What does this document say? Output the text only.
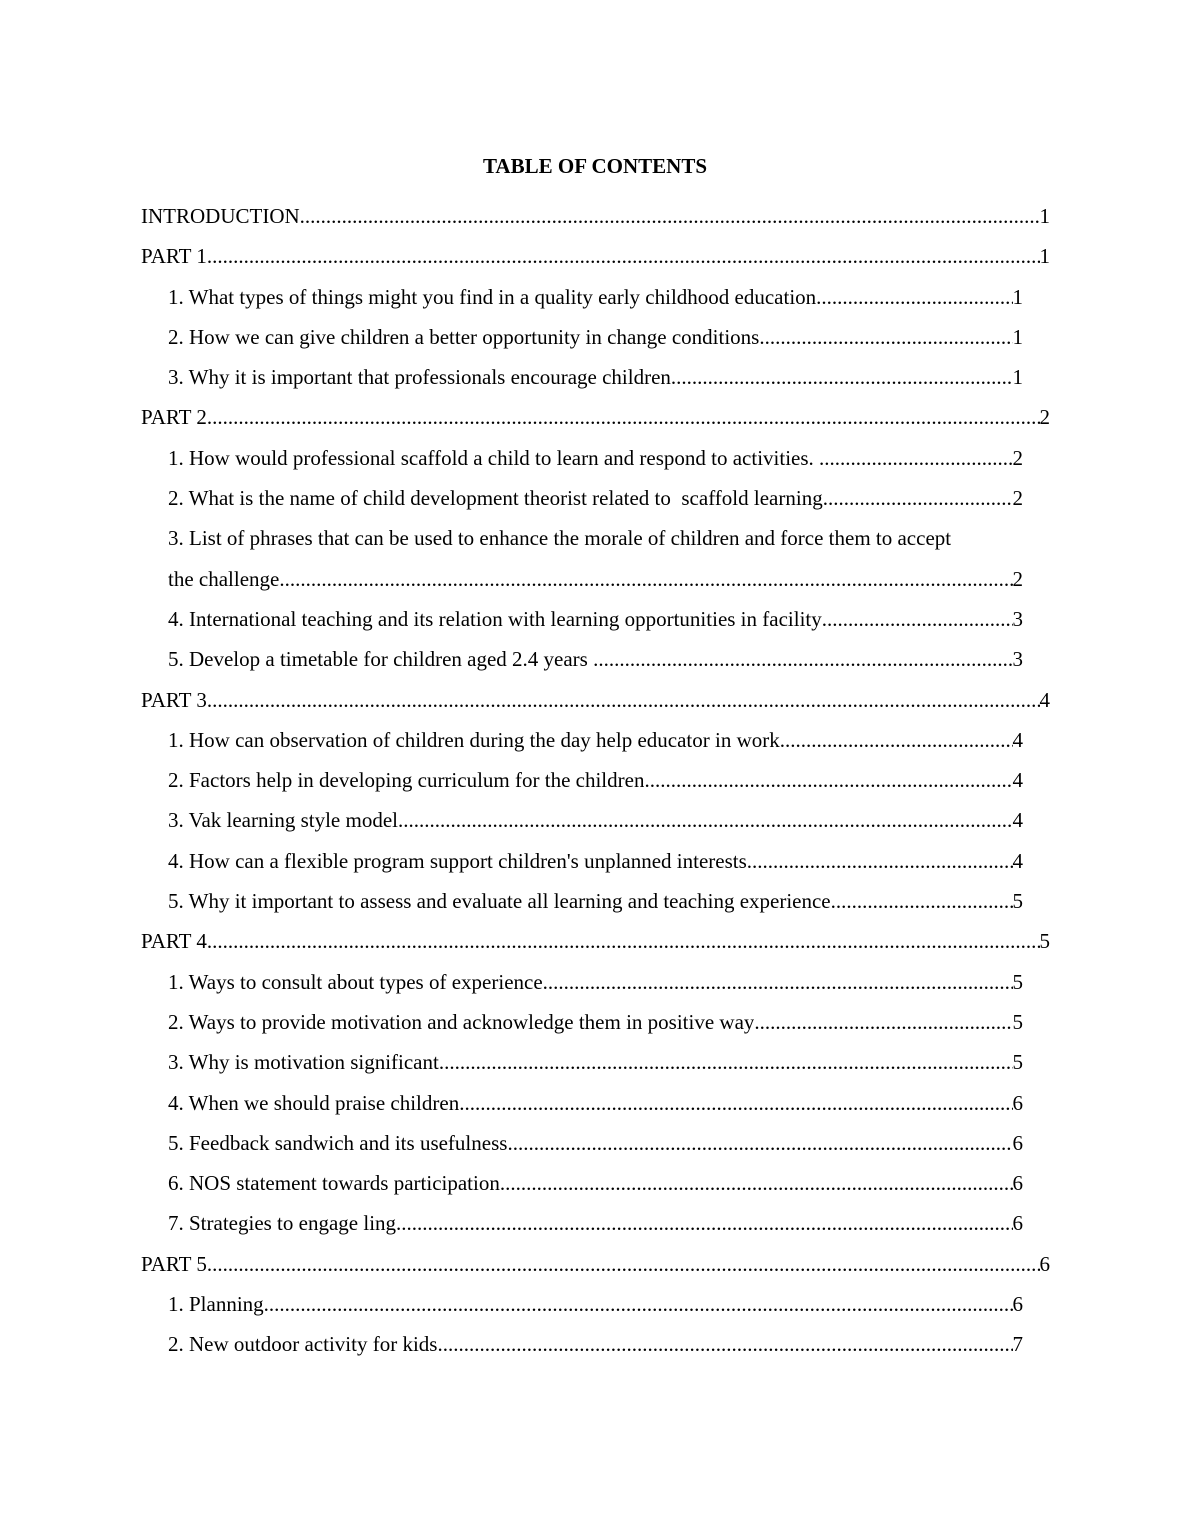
TABLE OF CONTENTS
INTRODUCTION .....	1
PART 1 .....	1
1. What types of things might you find in a quality early childhood education .....	1
2. How we can give children a better opportunity in change conditions .....	1
3. Why it is important that professionals encourage children .....	1
PART 2 .....	2
1. How would professional scaffold a child to learn and respond to activities. .....	2
2. What is the name of child development theorist related to  scaffold learning .....	2
3. List of phrases that can be used to enhance the morale of children and force them to accept
the challenge .....	2
4. International teaching and its relation with learning opportunities in facility .....	3
5. Develop a timetable for children aged 2.4 years .....	3
PART 3 .....	4
1. How can observation of children during the day help educator in work .....	4
2. Factors help in developing curriculum for the children .....	4
3. Vak learning style model .....	4
4. How can a flexible program support children's unplanned interests .....	4
5. Why it important to assess and evaluate all learning and teaching experience .....	5
PART 4 .....	5
1. Ways to consult about types of experience .....	5
2. Ways to provide motivation and acknowledge them in positive way .....	5
3. Why is motivation significant .....	5
4. When we should praise children .....	6
5. Feedback sandwich and its usefulness .....	6
6. NOS statement towards participation .....	6
7. Strategies to engage ling .....	6
PART 5 .....	6
1. Planning .....	6
2. New outdoor activity for kids .....	7
